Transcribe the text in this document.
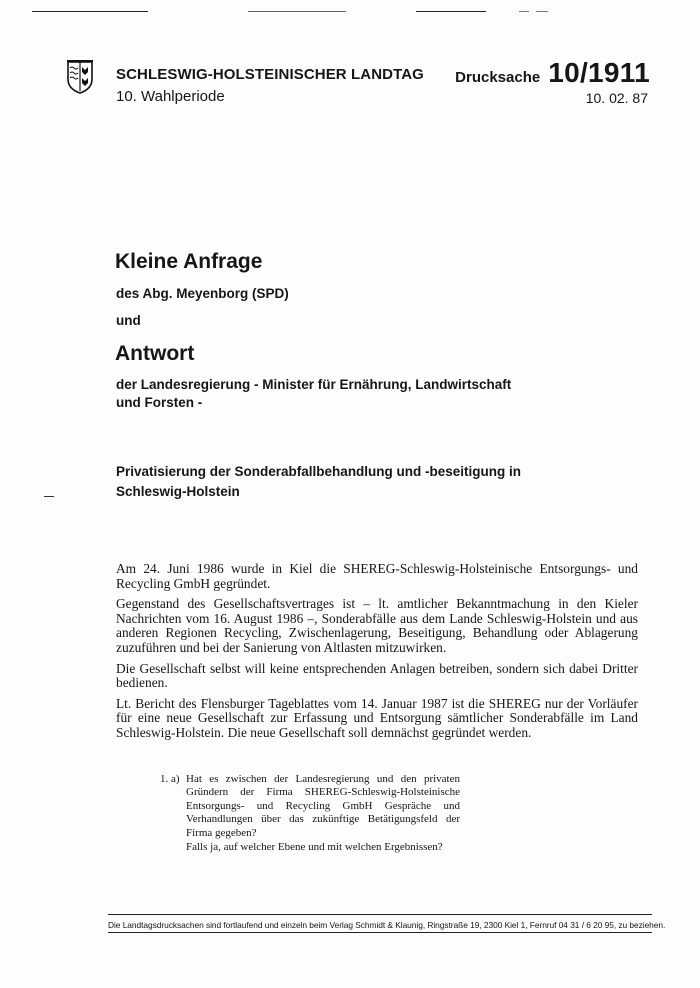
SCHLESWIG-HOLSTEINISCHER LANDTAG
10. Wahlperiode
Drucksache 10/1911
10. 02. 87
Kleine Anfrage
des Abg. Meyenborg (SPD)
und
Antwort
der Landesregierung - Minister für Ernährung, Landwirtschaft
und Forsten -
Privatisierung der Sonderabfallbehandlung und -beseitigung in
Schleswig-Holstein

Am 24. Juni 1986 wurde in Kiel die SHEREG-Schleswig-Holsteinische Entsorgungs- und Recycling GmbH gegründet.

Gegenstand des Gesellschaftsvertrages ist – lt. amtlicher Bekanntmachung in den Kieler Nachrichten vom 16. August 1986 –, Sonderabfälle aus dem Lande Schleswig-Holstein und aus anderen Regionen Recycling, Zwischenlagerung, Beseitigung, Behandlung oder Ablagerung zuzuführen und bei der Sanierung von Altlasten mitzuwirken.

Die Gesellschaft selbst will keine entsprechenden Anlagen betreiben, sondern sich dabei Dritter bedienen.

Lt. Bericht des Flensburger Tageblattes vom 14. Januar 1987 ist die SHEREG nur der Vorläufer für eine neue Gesellschaft zur Erfassung und Entsorgung sämtlicher Sonderabfälle im Land Schleswig-Holstein. Die neue Gesellschaft soll demnächst gegründet werden.

1. a) Hat es zwischen der Landesregierung und den privaten Gründern der Firma SHEREG-Schleswig-Holsteinische Entsorgungs- und Recycling GmbH Gespräche und Verhandlungen über das zukünftige Betätigungsfeld der Firma gegeben?

Falls ja, auf welcher Ebene und mit welchen Ergebnissen?

Die Landtagsdrucksachen sind fortlaufend und einzeln beim Verlag Schmidt & Klaunig, Ringstraße 19, 2300 Kiel 1, Fernruf 04 31 / 6 20 95, zu beziehen.
